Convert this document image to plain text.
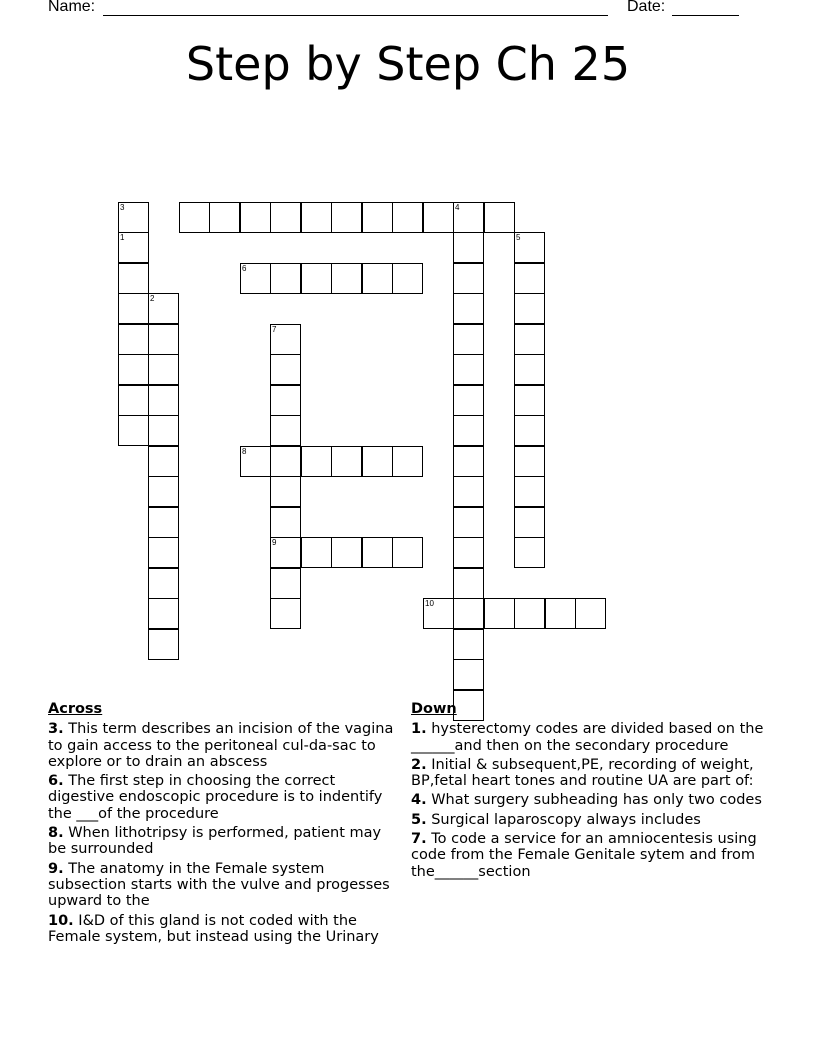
Name:	Date:
Step by Step Ch 25
1
2
3	4
5
6
7
8
9
10
Across
3. This term describes an incision of the vagina to gain access to the peritoneal cul-da-sac to explore or to drain an abscess
6. The first step in choosing the correct digestive endoscopic procedure is to indentify the ___of the procedure
8. When lithotripsy is performed, patient may be surrounded
9. The anatomy in the Female system subsection starts with the vulve and progesses upward to the
10. I&D of this gland is not coded with the Female system, but instead using the Urinary
Down
1. hysterectomy codes are divided based on the ______and then on the secondary procedure
2. Initial & subsequent,PE, recording of weight, BP,fetal heart tones and routine UA are part of:
4. What surgery subheading has only two codes
5. Surgical laparoscopy always includes
7. To code a service for an amniocentesis using code from the Female Genitale sytem and from the______section
